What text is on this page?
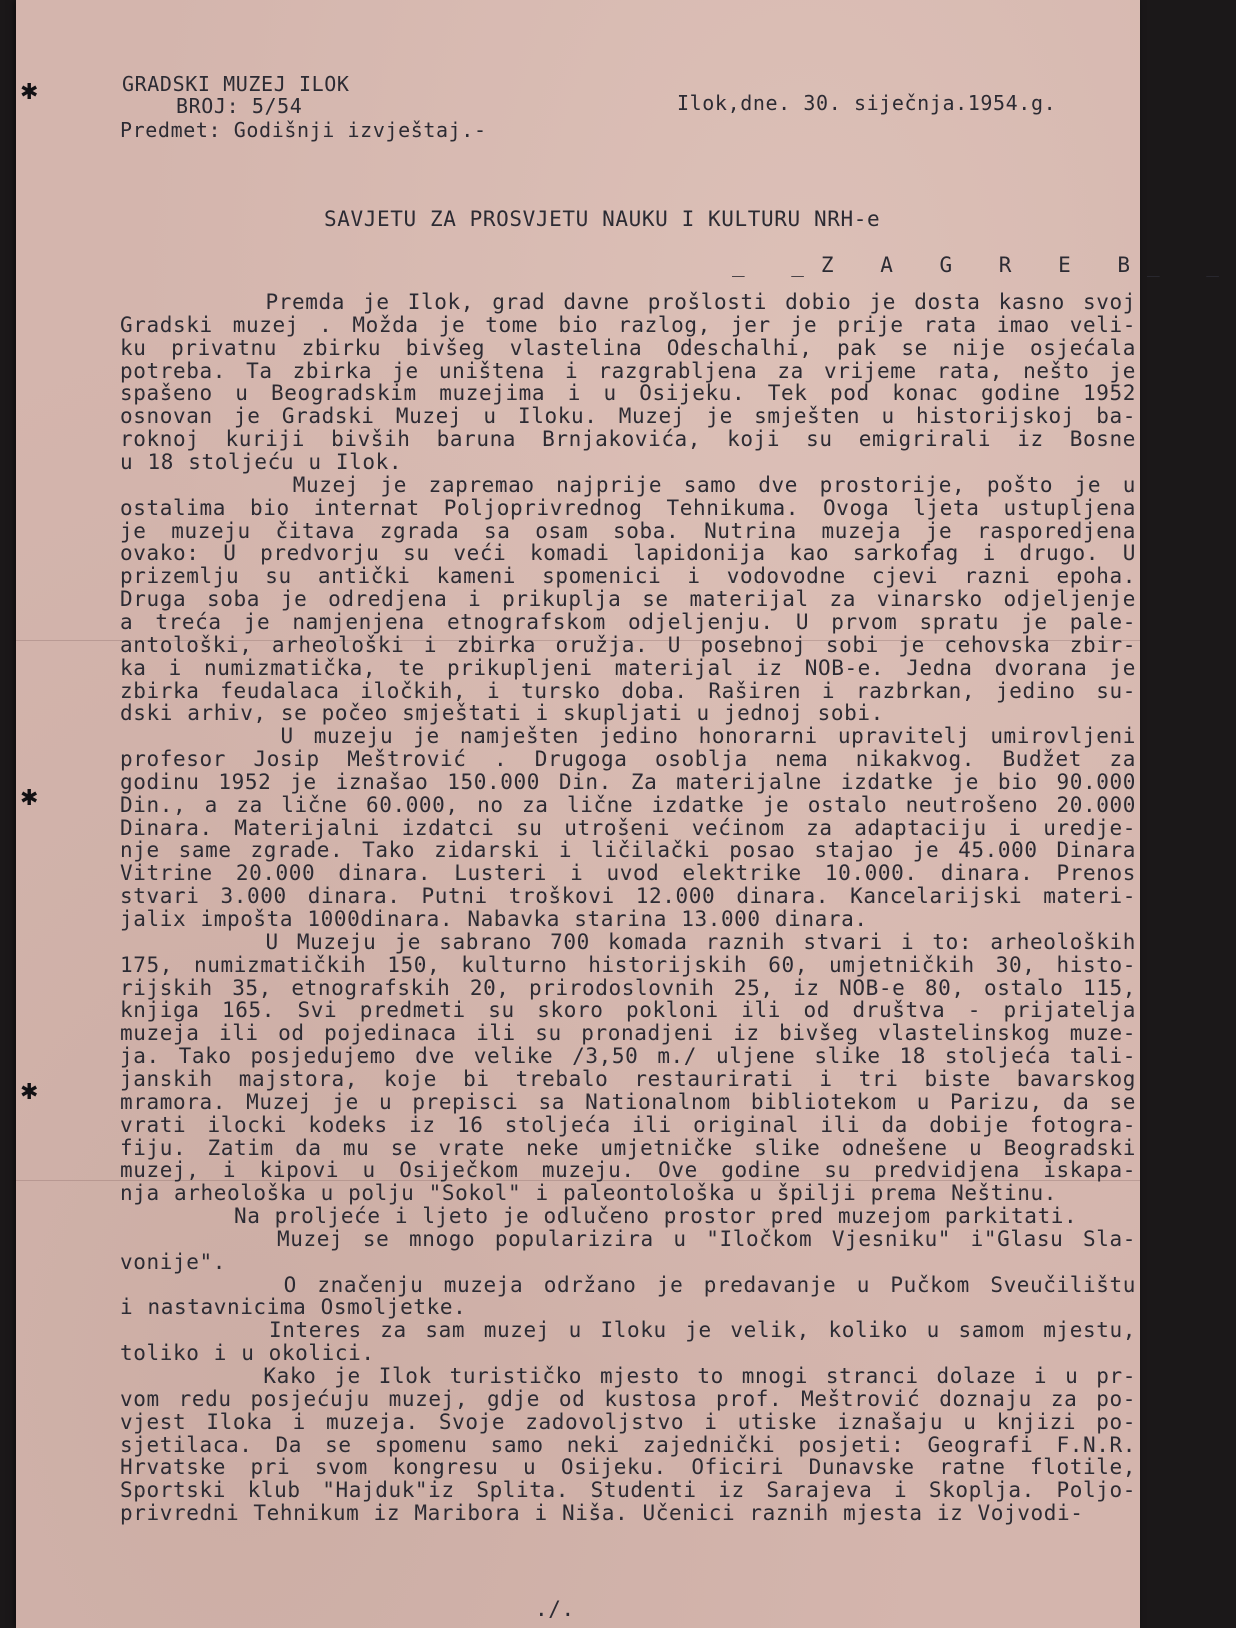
✱
✱
✱
GRADSKI MUZEJ ILOK
BROJ: 5/54	Ilok,dne. 30. siječnja.1954.g.
Predmet: Godišnji izvještaj.-
SAVJETU ZA PROSVJETU NAUKU I KULTURU NRH-e
_ _Z A G R E B_ _
Premda je Ilok, grad davne prošlosti dobio je dosta kasno svoj
Gradski muzej . Možda je tome bio razlog, jer je prije rata imao veli-
ku privatnu zbirku bivšeg vlastelina Odeschalhi, pak se nije osjećala
potreba. Ta zbirka je uništena i razgrabljena za vrijeme rata, nešto je
spašeno u Beogradskim muzejima i u Osijeku. Tek pod konac godine 1952
osnovan je Gradski Muzej u Iloku. Muzej je smješten u historijskoj ba-
roknoj kuriji bivših baruna Brnjakovića, koji su emigrirali iz Bosne
u 18 stoljeću u Ilok.
Muzej je zapremao najprije samo dve prostorije, pošto je u
ostalima bio internat Poljoprivrednog Tehnikuma. Ovoga ljeta ustupljena
je muzeju čitava zgrada sa osam soba. Nutrina muzeja je rasporedjena
ovako: U predvorju su veći komadi lapidonija kao sarkofag i drugo. U
prizemlju su antički kameni spomenici i vodovodne cjevi razni epoha.
Druga soba je odredjena i prikuplja se materijal za vinarsko odjeljenje
a treća je namjenjena etnografskom odjeljenju. U prvom spratu je pale-
antološki, arheološki i zbirka oružja. U posebnoj sobi je cehovska zbir-
ka i numizmatička, te prikupljeni materijal iz NOB-e. Jedna dvorana je
zbirka feudalaca iločkih, i tursko doba. Raširen i razbrkan, jedino su-
dski arhiv, se počeo smještati i skupljati u jednoj sobi.
U muzeju je namješten jedino honorarni upravitelj umirovljeni
profesor Josip Meštrović . Drugoga osoblja nema nikakvog. Budžet za
godinu 1952 je iznašao 150.000 Din. Za materijalne izdatke je bio 90.000
Din., a za lične 60.000, no za lične izdatke je ostalo neutrošeno 20.000
Dinara. Materijalni izdatci su utrošeni većinom za adaptaciju i uredje-
nje same zgrade. Tako zidarski i ličilački posao stajao je 45.000 Dinara
Vitrine 20.000 dinara. Lusteri i uvod elektrike 10.000. dinara. Prenos
stvari 3.000 dinara. Putni troškovi 12.000 dinara. Kancelarijski materi-
jalix impošta 1000dinara. Nabavka starina 13.000 dinara.
U Muzeju je sabrano 700 komada raznih stvari i to: arheoloških
175, numizmatičkih 150, kulturno historijskih 60, umjetničkih 30, histo-
rijskih 35, etnografskih 20, prirodoslovnih 25, iz NOB-e 80, ostalo 115,
knjiga 165. Svi predmeti su skoro pokloni ili od društva - prijatelja
muzeja ili od pojedinaca ili su pronadjeni iz bivšeg vlastelinskog muze-
ja. Tako posjedujemo dve velike /3,50 m./ uljene slike 18 stoljeća tali-
janskih majstora, koje bi trebalo restaurirati i tri biste bavarskog
mramora. Muzej je u prepisci sa Nationalnom bibliotekom u Parizu, da se
vrati ilocki kodeks iz 16 stoljeća ili original ili da dobije fotogra-
fiju. Zatim da mu se vrate neke umjetničke slike odnešene u Beogradski
muzej, i kipovi u Osiječkom muzeju. Ove godine su predvidjena iskapa-
nja arheološka u polju "Sokol" i paleontološka u špilji prema Neštinu.
Na proljeće i ljeto je odlučeno prostor pred muzejom parkitati.
Muzej se mnogo popularizira u "Iločkom Vjesniku" i"Glasu Sla-
vonije".
O značenju muzeja održano je predavanje u Pučkom Sveučilištu
i nastavnicima Osmoljetke.
Interes za sam muzej u Iloku je velik, koliko u samom mjestu,
toliko i u okolici.
Kako je Ilok turističko mjesto to mnogi stranci dolaze i u pr-
vom redu posjećuju muzej, gdje od kustosa prof. Meštrović doznaju za po-
vjest Iloka i muzeja. Svoje zadovoljstvo i utiske iznašaju u knjizi po-
sjetilaca. Da se spomenu samo neki zajednički posjeti: Geografi F.N.R.
Hrvatske pri svom kongresu u Osijeku. Oficiri Dunavske ratne flotile,
Sportski klub "Hajduk"iz Splita. Studenti iz Sarajeva i Skoplja. Poljo-
privredni Tehnikum iz Maribora i Niša. Učenici raznih mjesta iz Vojvodi-
./.
